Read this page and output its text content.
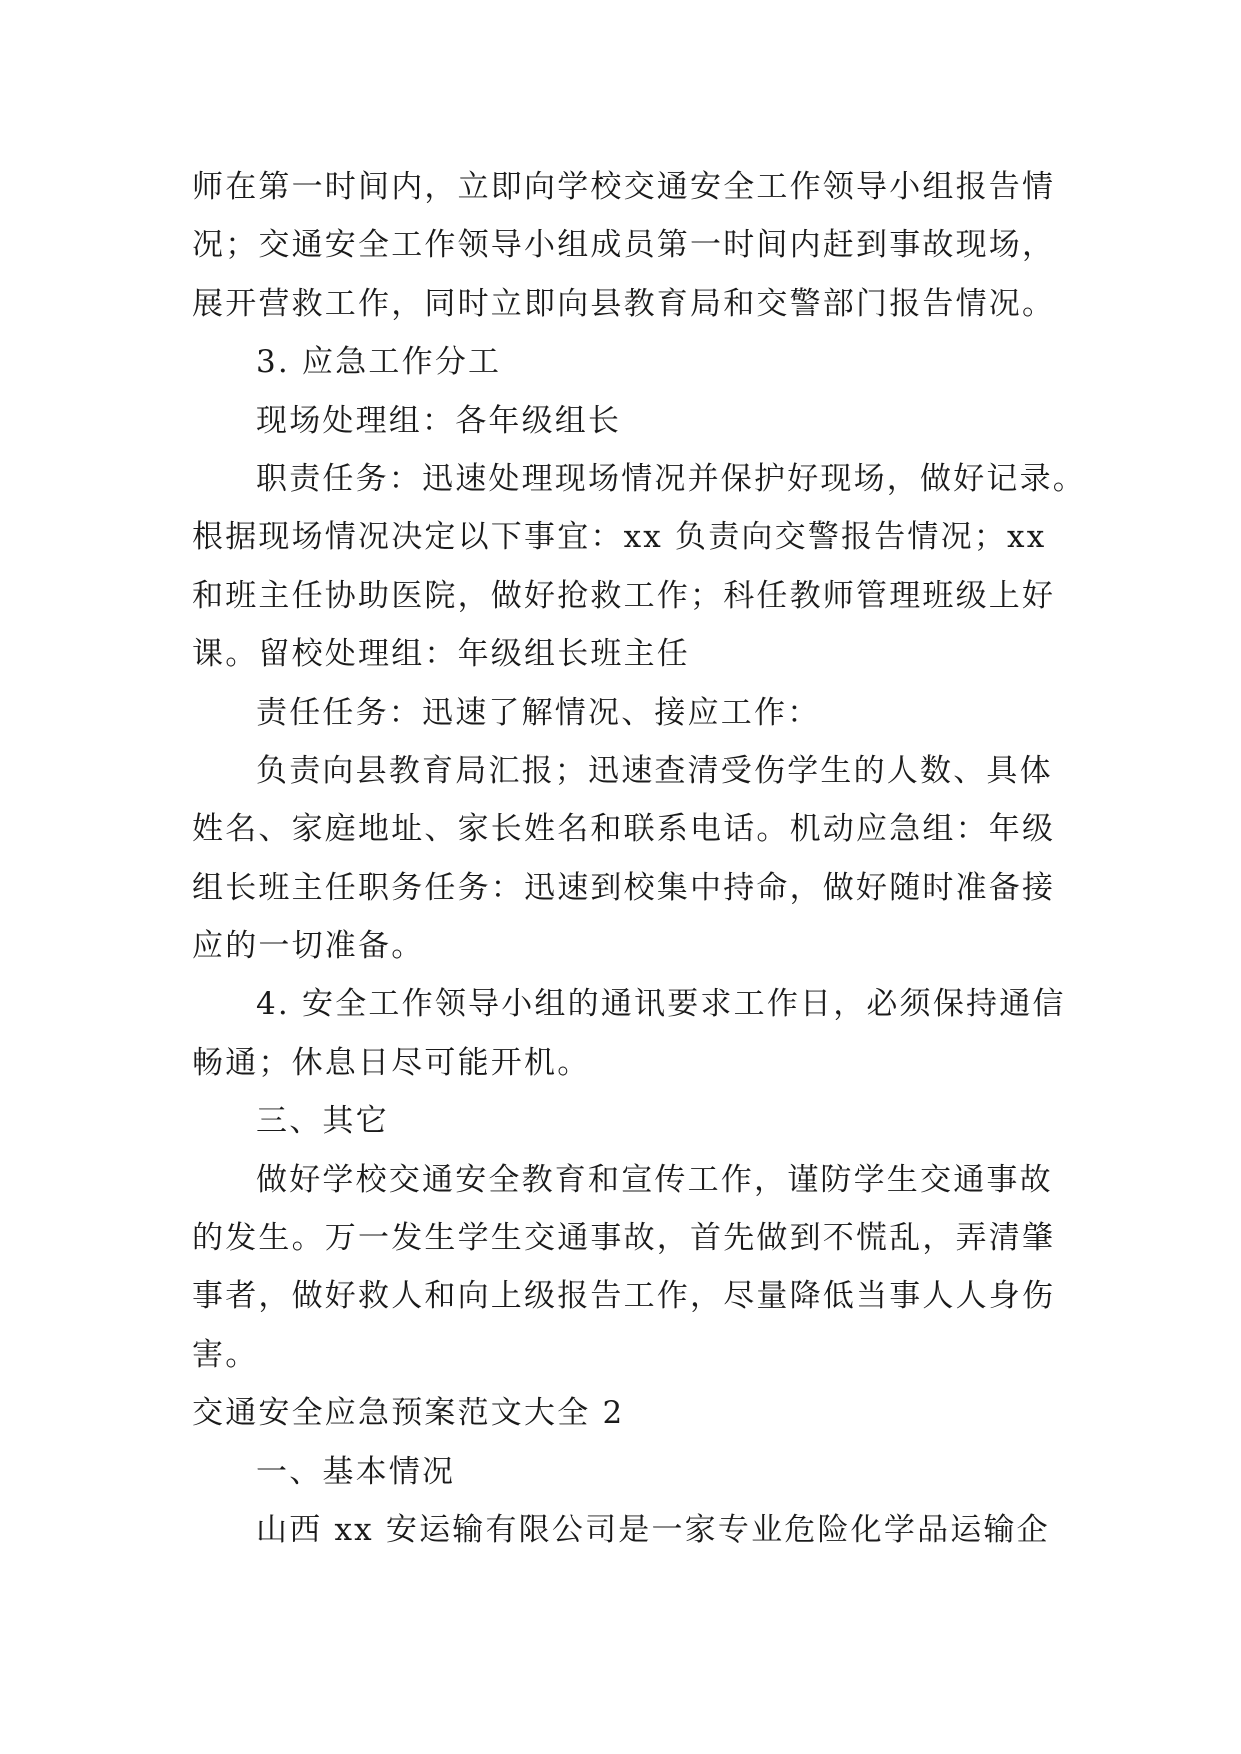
师在第一时间内，立即向学校交通安全工作领导小组报告情
况；交通安全工作领导小组成员第一时间内赶到事故现场，
展开营救工作，同时立即向县教育局和交警部门报告情况。
3. 应急工作分工
现场处理组：各年级组长
职责任务：迅速处理现场情况并保护好现场，做好记录。
根据现场情况决定以下事宜：xx 负责向交警报告情况；xx
和班主任协助医院，做好抢救工作；科任教师管理班级上好
课。留校处理组：年级组长班主任
责任任务：迅速了解情况、接应工作：
负责向县教育局汇报；迅速查清受伤学生的人数、具体
姓名、家庭地址、家长姓名和联系电话。机动应急组：年级
组长班主任职务任务：迅速到校集中持命，做好随时准备接
应的一切准备。
4. 安全工作领导小组的通讯要求工作日，必须保持通信
畅通；休息日尽可能开机。
三、其它
做好学校交通安全教育和宣传工作，谨防学生交通事故
的发生。万一发生学生交通事故，首先做到不慌乱，弄清肇
事者，做好救人和向上级报告工作，尽量降低当事人人身伤
害。
交通安全应急预案范文大全 2
一、基本情况
山西 xx 安运输有限公司是一家专业危险化学品运输企
